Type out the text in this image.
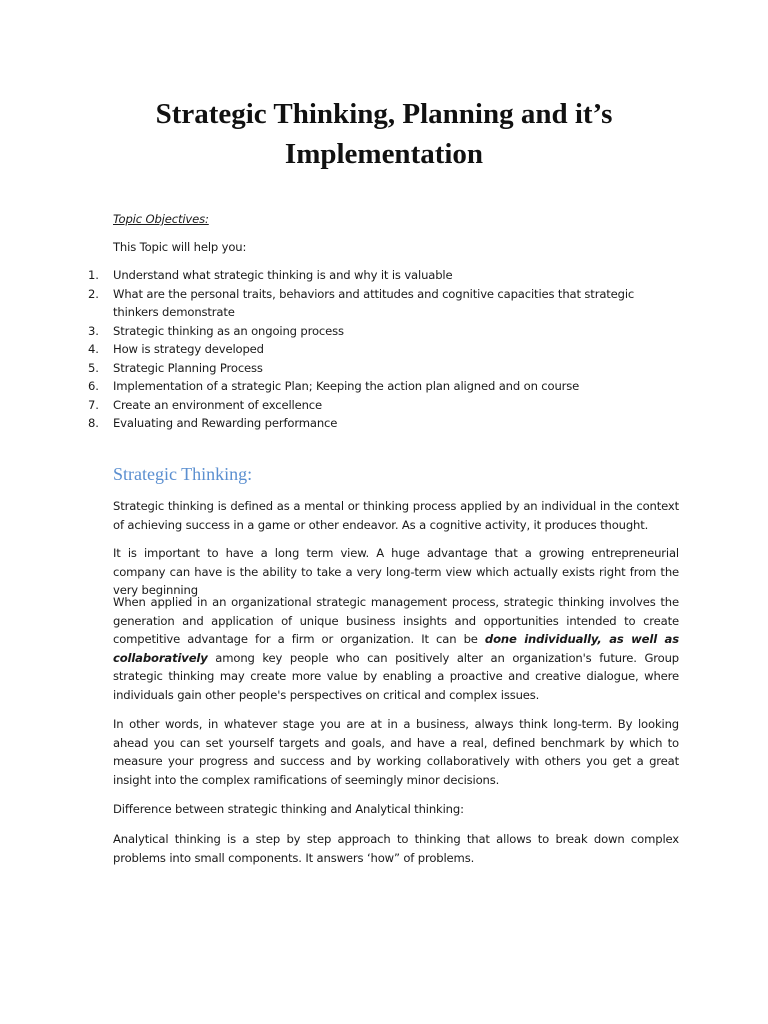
Strategic Thinking, Planning and it’s
Implementation

Topic Objectives:

This Topic will help you:

1. Understand what strategic thinking is and why it is valuable
2. What are the personal traits, behaviors and attitudes and cognitive capacities that strategic thinkers demonstrate
3. Strategic thinking as an ongoing process
4. How is strategy developed
5. Strategic Planning Process
6. Implementation of a strategic Plan; Keeping the action plan aligned and on course
7. Create an environment of excellence
8. Evaluating and Rewarding performance
Strategic Thinking:

Strategic thinking is defined as a mental or thinking process applied by an individual in the context of achieving success in a game or other endeavor. As a cognitive activity, it produces thought.

It is important to have a long term view. A huge advantage that a growing entrepreneurial company can have is the ability to take a very long-term view which actually exists right from the very beginning

When applied in an organizational strategic management process, strategic thinking involves the generation and application of unique business insights and opportunities intended to create competitive advantage for a firm or organization. It can be done individually, as well as collaboratively among key people who can positively alter an organization's future. Group strategic thinking may create more value by enabling a proactive and creative dialogue, where individuals gain other people's perspectives on critical and complex issues.

In other words, in whatever stage you are at in a business, always think long-term. By looking ahead you can set yourself targets and goals, and have a real, defined benchmark by which to measure your progress and success and by working collaboratively with others you get a great insight into the complex ramifications of seemingly minor decisions.

Difference between strategic thinking and Analytical thinking:

Analytical thinking is a step by step approach to thinking that allows to break down complex problems into small components. It answers ‘how” of problems.
